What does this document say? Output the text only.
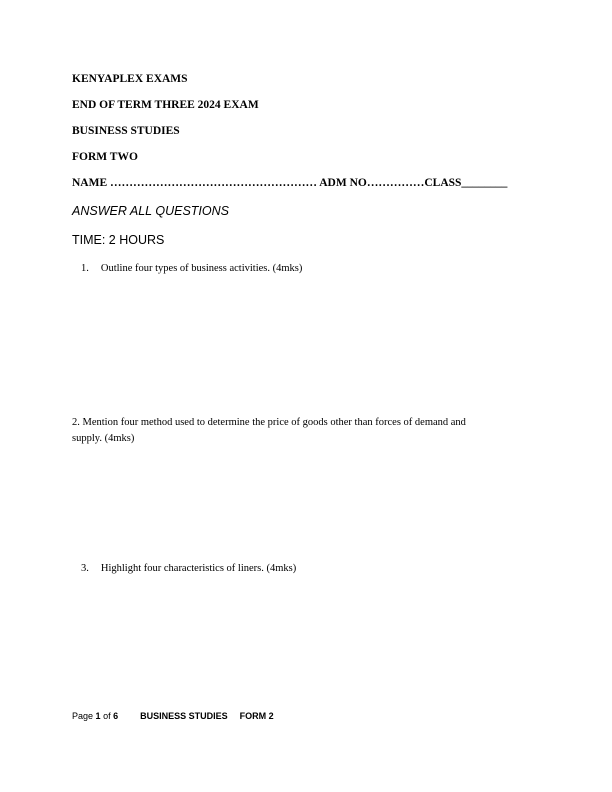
KENYAPLEX EXAMS
END OF TERM THREE 2024 EXAM
BUSINESS STUDIES
FORM TWO
NAME ……………………………………………… ADM NO……………CLASS________
ANSWER ALL QUESTIONS
TIME: 2 HOURS
1. Outline four types of business activities. (4mks)
2. Mention four method used to determine the price of goods other than forces of demand and
supply. (4mks)
3. Highlight four characteristics of liners. (4mks)
Page 1 of 6 BUSINESS STUDIES FORM 2
